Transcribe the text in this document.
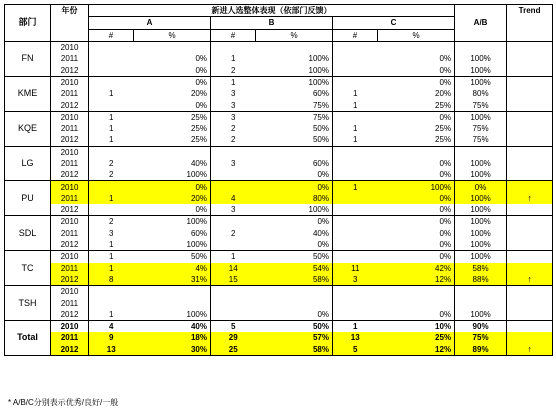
部门	年份	新进人选整体表现（依部门反馈）						A/B	Trend
		A		B		C			
		#	%	#	%	#	%		
FN	2010								
	2011		0%	1	100%		0%	100%	
	2012		0%	2	100%		0%	100%	
KME	2010		0%	1	100%		0%	100%	
	2011	1	20%	3	60%	1	20%	80%	
	2012		0%	3	75%	1	25%	75%	
KQE	2010	1	25%	3	75%		0%	100%	
	2011	1	25%	2	50%	1	25%	75%	
	2012	1	25%	2	50%	1	25%	75%	
LG	2010								
	2011	2	40%	3	60%		0%	100%	
	2012	2	100%		0%		0%	100%	
PU	2010		0%		0%	1	100%	0%	
	2011	1	20%	4	80%		0%	100%	↑
	2012		0%	3	100%		0%	100%	
SDL	2010	2	100%		0%		0%	100%	
	2011	3	60%	2	40%		0%	100%	
	2012	1	100%		0%		0%	100%	
TC	2010	1	50%	1	50%		0%	100%	
	2011	1	4%	14	54%	11	42%	58%	
	2012	8	31%	15	58%	3	12%	88%	↑
TSH	2010								
	2011								
	2012	1	100%		0%		0%	100%	
Total	2010	4	40%	5	50%	1	10%	90%	
	2011	9	18%	29	57%	13	25%	75%	
	2012	13	30%	25	58%	5	12%	89%	↑
* A/B/C分别表示优秀/良好/一般
